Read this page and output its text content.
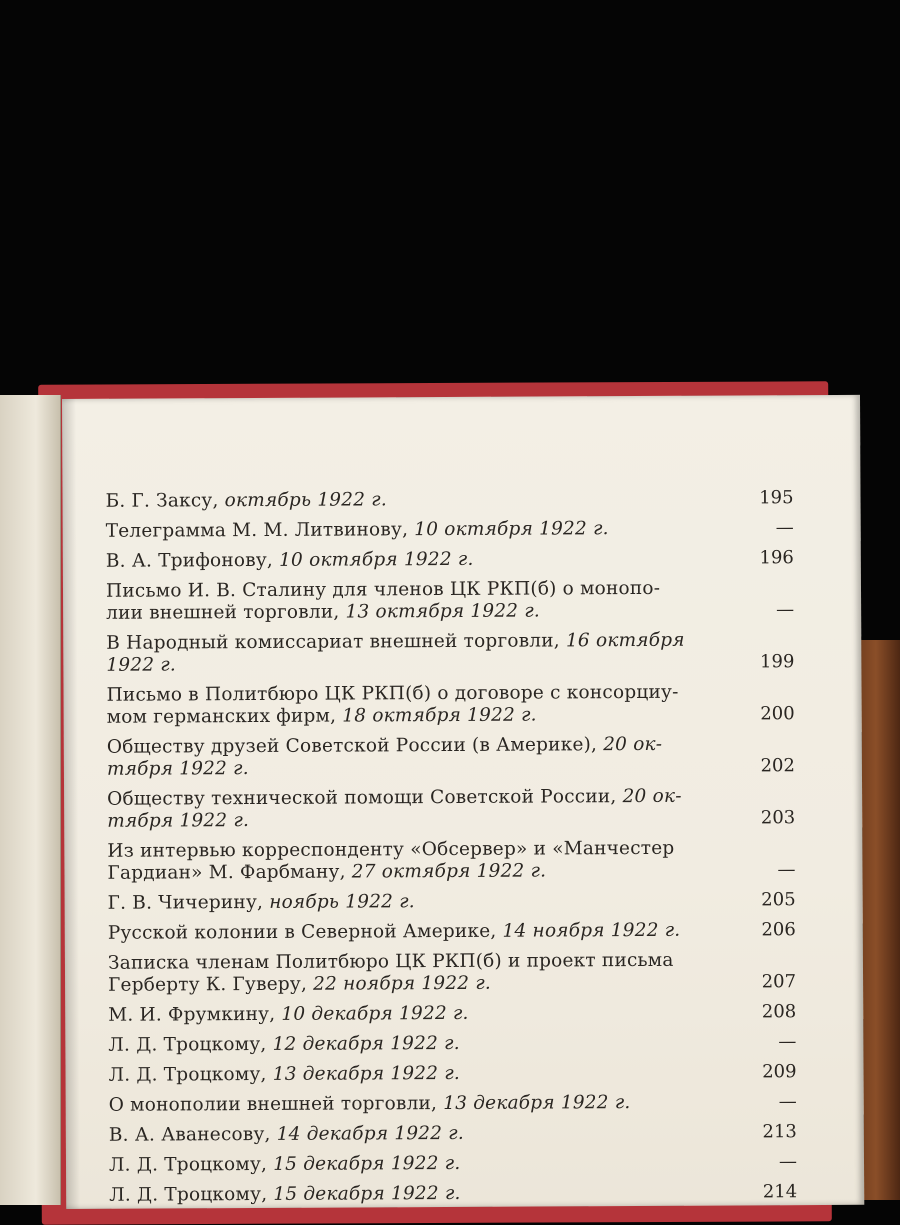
Б. Г. Заксу, октябрь 1922 г.	195
Телеграмма М. М. Литвинову, 10 октября 1922 г.	—
В. А. Трифонову, 10 октября 1922 г.	196
Письмо И. В. Сталину для членов ЦК РКП(б) о монопо-
лии внешней торговли, 13 октября 1922 г.	—
В Народный комиссариат внешней торговли, 16 октября
1922 г.	199
Письмо в Политбюро ЦК РКП(б) о договоре с консорциу-
мом германских фирм, 18 октября 1922 г.	200
Обществу друзей Советской России (в Америке), 20 ок-
тября 1922 г.	202
Обществу технической помощи Советской России, 20 ок-
тября 1922 г.	203
Из интервью корреспонденту «Обсервер» и «Манчестер
Гардиан» М. Фарбману, 27 октября 1922 г.	—
Г. В. Чичерину, ноябрь 1922 г.	205
Русской колонии в Северной Америке, 14 ноября 1922 г.	206
Записка членам Политбюро ЦК РКП(б) и проект письма
Герберту К. Гуверу, 22 ноября 1922 г.	207
М. И. Фрумкину, 10 декабря 1922 г.	208
Л. Д. Троцкому, 12 декабря 1922 г.	—
Л. Д. Троцкому, 13 декабря 1922 г.	209
О монополии внешней торговли, 13 декабря 1922 г.	—
В. А. Аванесову, 14 декабря 1922 г.	213
Л. Д. Троцкому, 15 декабря 1922 г.	—
Л. Д. Троцкому, 15 декабря 1922 г.	214
